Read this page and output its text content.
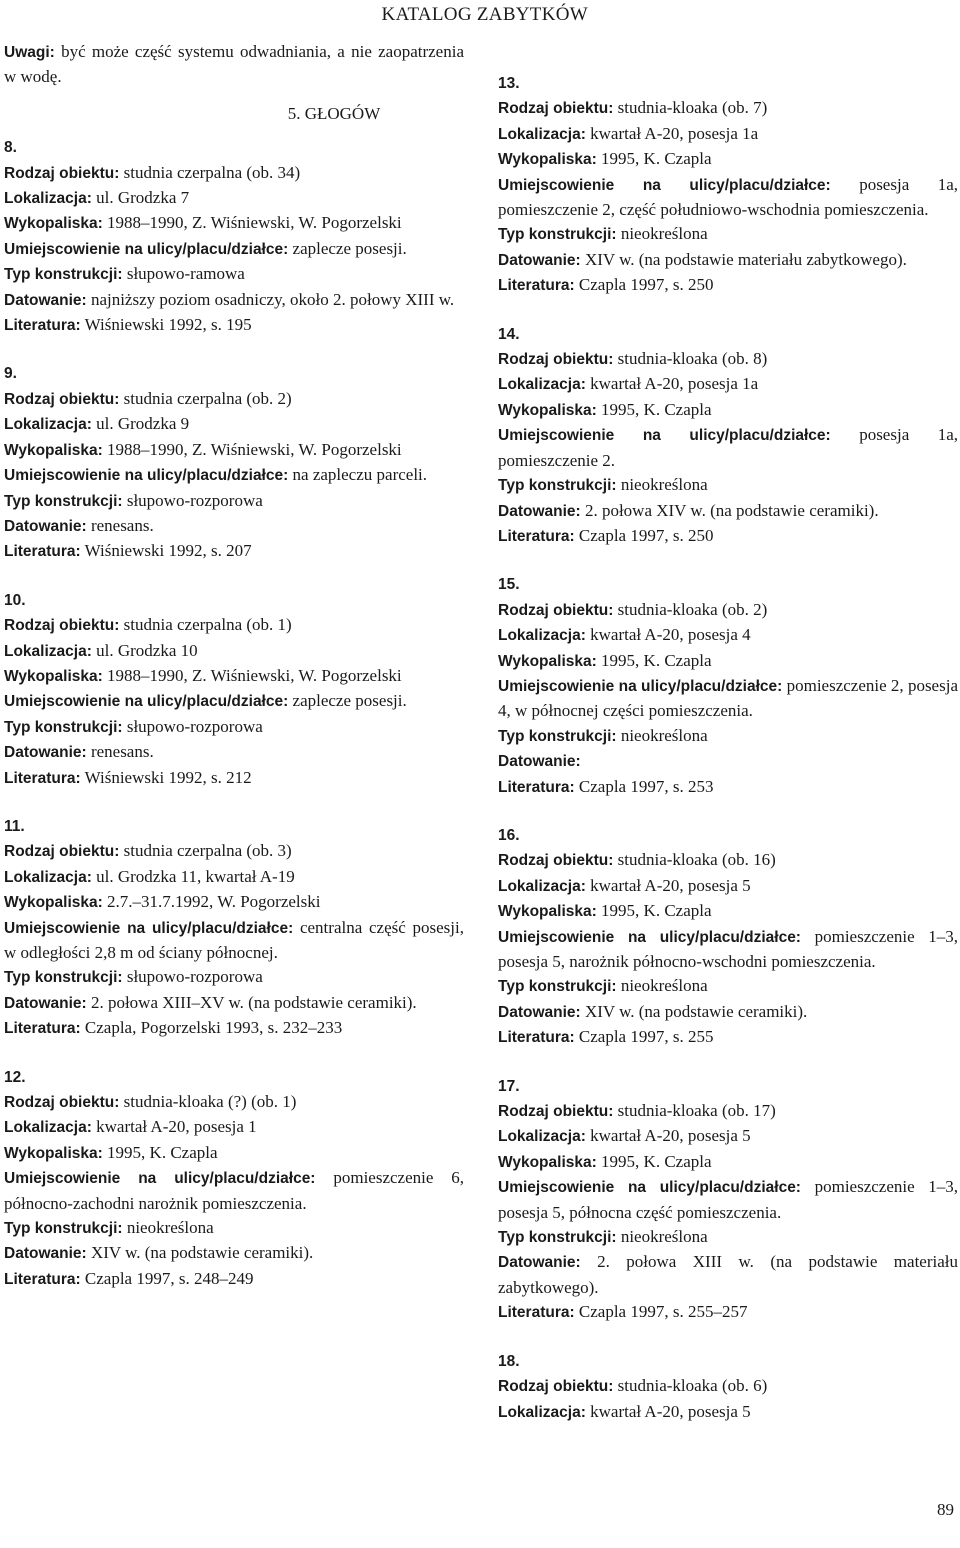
KATALOG ZABYTKÓW

Uwagi: być może część systemu odwadniania, a nie zaopatrzenia w wodę.

5. GŁOGÓW
8.

Rodzaj obiektu: studnia czerpalna (ob. 34)

Lokalizacja: ul. Grodzka 7

Wykopaliska: 1988–1990, Z. Wiśniewski, W. Pogorzelski

Umiejscowienie na ulicy/placu/działce: zaplecze posesji.

Typ konstrukcji: słupowo-ramowa

Datowanie: najniższy poziom osadniczy, około 2. połowy XIII w.

Literatura: Wiśniewski 1992, s. 195

9.

Rodzaj obiektu: studnia czerpalna (ob. 2)

Lokalizacja: ul. Grodzka 9

Wykopaliska: 1988–1990, Z. Wiśniewski, W. Pogorzelski

Umiejscowienie na ulicy/placu/działce: na zapleczu parceli.

Typ konstrukcji: słupowo-rozporowa

Datowanie: renesans.

Literatura: Wiśniewski 1992, s. 207

10.

Rodzaj obiektu: studnia czerpalna (ob. 1)

Lokalizacja: ul. Grodzka 10

Wykopaliska: 1988–1990, Z. Wiśniewski, W. Pogorzelski

Umiejscowienie na ulicy/placu/działce: zaplecze posesji.

Typ konstrukcji: słupowo-rozporowa

Datowanie: renesans.

Literatura: Wiśniewski 1992, s. 212

11.

Rodzaj obiektu: studnia czerpalna (ob. 3)

Lokalizacja: ul. Grodzka 11, kwartał A-19

Wykopaliska: 2.7.–31.7.1992, W. Pogorzelski

Umiejscowienie na ulicy/placu/działce: centralna część posesji, w odległości 2,8 m od ściany północnej.

Typ konstrukcji: słupowo-rozporowa

Datowanie: 2. połowa XIII–XV w. (na podstawie ceramiki).

Literatura: Czapla, Pogorzelski 1993, s. 232–233

12.

Rodzaj obiektu: studnia-kloaka (?) (ob. 1)

Lokalizacja: kwartał A-20, posesja 1

Wykopaliska: 1995, K. Czapla

Umiejscowienie na ulicy/placu/działce: pomieszczenie 6, północno-zachodni narożnik pomieszczenia.

Typ konstrukcji: nieokreślona

Datowanie: XIV w. (na podstawie ceramiki).

Literatura: Czapla 1997, s. 248–249

13.

Rodzaj obiektu: studnia-kloaka (ob. 7)

Lokalizacja: kwartał A-20, posesja 1a

Wykopaliska: 1995, K. Czapla

Umiejscowienie na ulicy/placu/działce: posesja 1a, pomieszczenie 2, część południowo-wschodnia pomieszczenia.

Typ konstrukcji: nieokreślona

Datowanie: XIV w. (na podstawie materiału zabytkowego).

Literatura: Czapla 1997, s. 250

14.

Rodzaj obiektu: studnia-kloaka (ob. 8)

Lokalizacja: kwartał A-20, posesja 1a

Wykopaliska: 1995, K. Czapla

Umiejscowienie na ulicy/placu/działce: posesja 1a, pomieszczenie 2.

Typ konstrukcji: nieokreślona

Datowanie: 2. połowa XIV w. (na podstawie ceramiki).

Literatura: Czapla 1997, s. 250

15.

Rodzaj obiektu: studnia-kloaka (ob. 2)

Lokalizacja: kwartał A-20, posesja 4

Wykopaliska: 1995, K. Czapla

Umiejscowienie na ulicy/placu/działce: pomieszczenie 2, posesja 4, w północnej części pomieszczenia.

Typ konstrukcji: nieokreślona

Datowanie:

Literatura: Czapla 1997, s. 253

16.

Rodzaj obiektu: studnia-kloaka (ob. 16)

Lokalizacja: kwartał A-20, posesja 5

Wykopaliska: 1995, K. Czapla

Umiejscowienie na ulicy/placu/działce: pomieszczenie 1–3, posesja 5, narożnik północno-wschodni pomieszczenia.

Typ konstrukcji: nieokreślona

Datowanie: XIV w. (na podstawie ceramiki).

Literatura: Czapla 1997, s. 255

17.

Rodzaj obiektu: studnia-kloaka (ob. 17)

Lokalizacja: kwartał A-20, posesja 5

Wykopaliska: 1995, K. Czapla

Umiejscowienie na ulicy/placu/działce: pomieszczenie 1–3, posesja 5, północna część pomieszczenia.

Typ konstrukcji: nieokreślona

Datowanie: 2. połowa XIII w. (na podstawie materiału zabytkowego).

Literatura: Czapla 1997, s. 255–257

18.

Rodzaj obiektu: studnia-kloaka (ob. 6)

Lokalizacja: kwartał A-20, posesja 5

89
